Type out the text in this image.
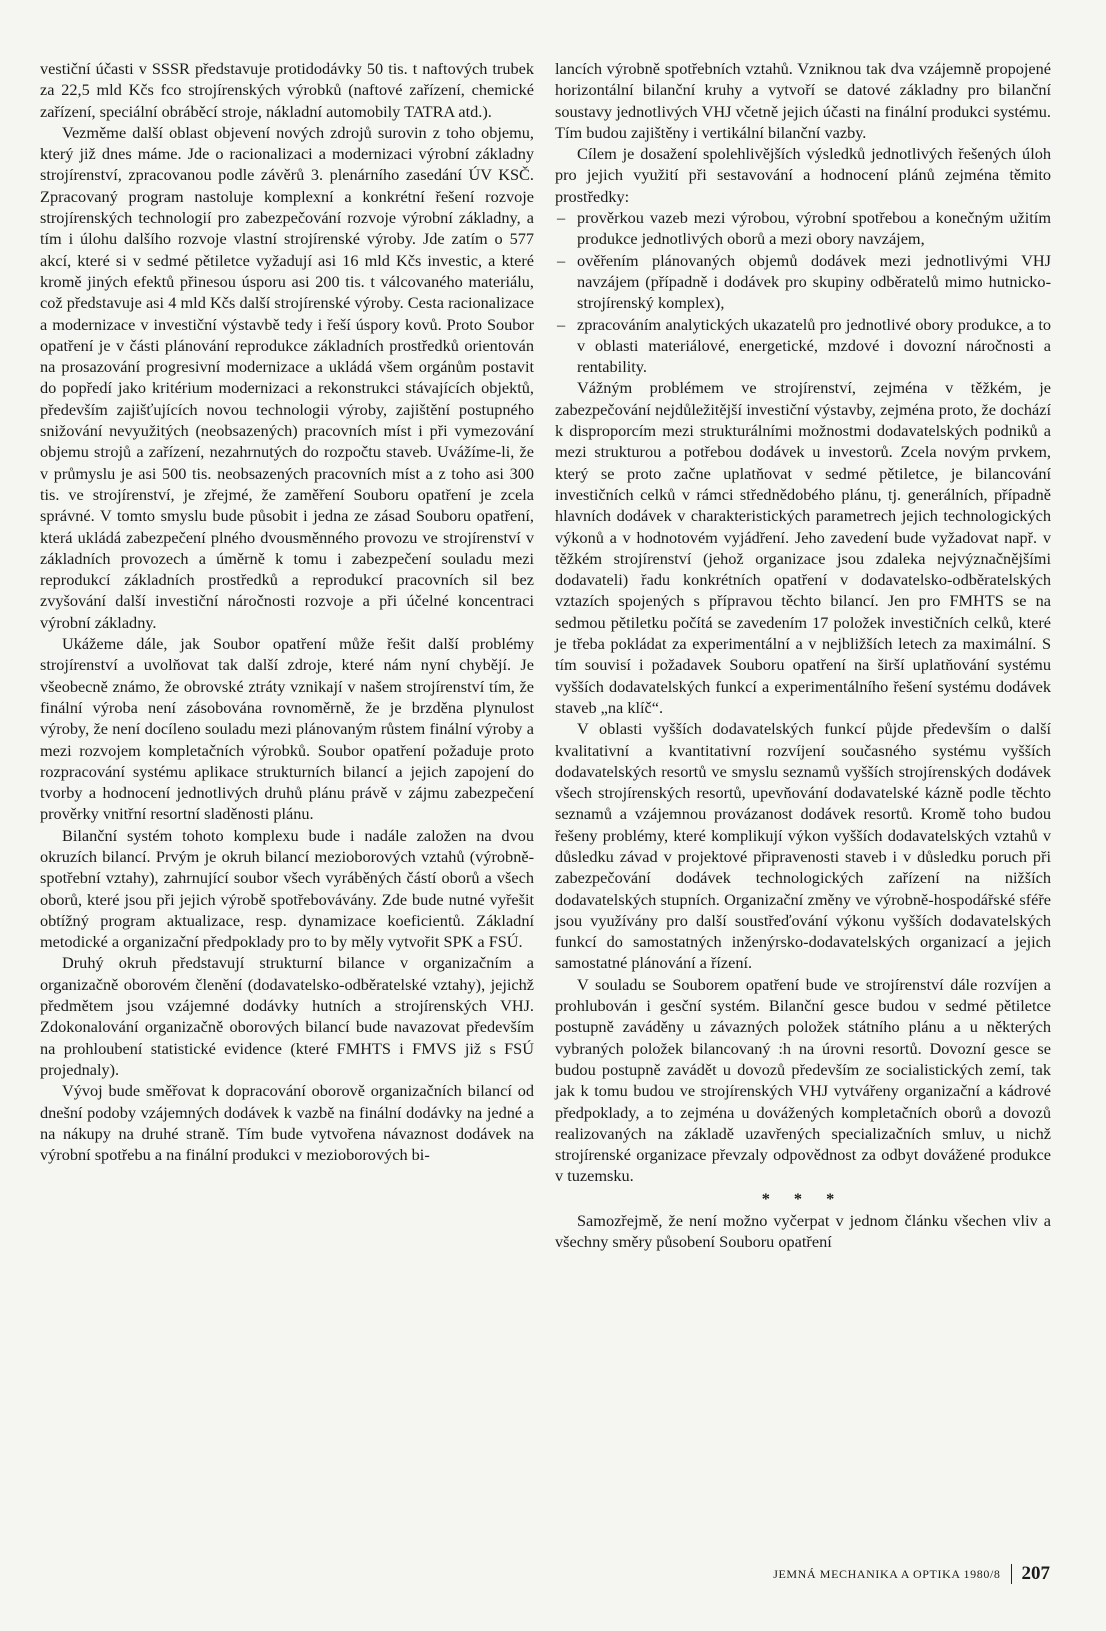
vestiční účasti v SSSR představuje protidodávky 50 tis. t naftových trubek za 22,5 mld Kčs fco strojírenských výrobků (naftové zařízení, chemické zařízení, speciální obráběcí stroje, nákladní automobily TATRA atd.).

Vezměme další oblast objevení nových zdrojů surovin z toho objemu, který již dnes máme. Jde o racionalizaci a modernizaci výrobní základny strojírenství, zpracovanou podle závěrů 3. plenárního zasedání ÚV KSČ. Zpracovaný program nastoluje komplexní a konkrétní řešení rozvoje strojírenských technologií pro zabezpečování rozvoje výrobní základny, a tím i úlohu dalšího rozvoje vlastní strojírenské výroby. Jde zatím o 577 akcí, které si v sedmé pětiletce vyžadují asi 16 mld Kčs investic, a které kromě jiných efektů přinesou úsporu asi 200 tis. t válcovaného materiálu, což představuje asi 4 mld Kčs další strojírenské výroby. Cesta racionalizace a modernizace v investiční výstavbě tedy i řeší úspory kovů. Proto Soubor opatření je v části plánování reprodukce základních prostředků orientován na prosazování progresivní modernizace a ukládá všem orgánům postavit do popředí jako kritérium modernizaci a rekonstrukci stávajících objektů, především zajišťujících novou technologii výroby, zajištění postupného snižování nevyužitých (neobsazených) pracovních míst i při vymezování objemu strojů a zařízení, nezahrnutých do rozpočtu staveb. Uvážíme-li, že v průmyslu je asi 500 tis. neobsazených pracovních míst a z toho asi 300 tis. ve strojírenství, je zřejmé, že zaměření Souboru opatření je zcela správné. V tomto smyslu bude působit i jedna ze zásad Souboru opatření, která ukládá zabezpečení plného dvousměnného provozu ve strojírenství v základních provozech a úměrně k tomu i zabezpečení souladu mezi reprodukcí základních prostředků a reprodukcí pracovních sil bez zvyšování další investiční náročnosti rozvoje a při účelné koncentraci výrobní základny.

Ukážeme dále, jak Soubor opatření může řešit další problémy strojírenství a uvolňovat tak další zdroje, které nám nyní chybějí. Je všeobecně známo, že obrovské ztráty vznikají v našem strojírenství tím, že finální výroba není zásobována rovnoměrně, že je brzděna plynulost výroby, že není docíleno souladu mezi plánovaným růstem finální výroby a mezi rozvojem kompletačních výrobků. Soubor opatření požaduje proto rozpracování systému aplikace strukturních bilancí a jejich zapojení do tvorby a hodnocení jednotlivých druhů plánu právě v zájmu zabezpečení prověrky vnitřní resortní sladěnosti plánu.

Bilanční systém tohoto komplexu bude i nadále založen na dvou okruzích bilancí. Prvým je okruh bilancí mezioborových vztahů (výrobně-spotřební vztahy), zahrnující soubor všech vyráběných částí oborů a všech oborů, které jsou při jejich výrobě spotřebovávány. Zde bude nutné vyřešit obtížný program aktualizace, resp. dynamizace koeficientů. Základní metodické a organizační předpoklady pro to by měly vytvořit SPK a FSÚ.

Druhý okruh představují strukturní bilance v organizačním a organizačně oborovém členění (dodavatelsko-odběratelské vztahy), jejichž předmětem jsou vzájemné dodávky hutních a strojírenských VHJ. Zdokonalování organizačně oborových bilancí bude navazovat především na prohloubení statistické evidence (které FMHTS i FMVS již s FSÚ projednaly).

Vývoj bude směřovat k dopracování oborově organizačních bilancí od dnešní podoby vzájemných dodávek k vazbě na finální dodávky na jedné a na nákupy na druhé straně. Tím bude vytvořena návaznost dodávek na výrobní spotřebu a na finální produkci v mezioborových bi-

lancích výrobně spotřebních vztahů. Vzniknou tak dva vzájemně propojené horizontální bilanční kruhy a vytvoří se datové základny pro bilanční soustavy jednotlivých VHJ včetně jejich účasti na finální produkci systému. Tím budou zajištěny i vertikální bilanční vazby.

Cílem je dosažení spolehlivějších výsledků jednotlivých řešených úloh pro jejich využití při sestavování a hodnocení plánů zejména těmito prostředky:

– prověrkou vazeb mezi výrobou, výrobní spotřebou a konečným užitím produkce jednotlivých oborů a mezi obory navzájem,
– ověřením plánovaných objemů dodávek mezi jednotlivými VHJ navzájem (případně i dodávek pro skupiny odběratelů mimo hutnicko-strojírenský komplex),
– zpracováním analytických ukazatelů pro jednotlivé obory produkce, a to v oblasti materiálové, energetické, mzdové i dovozní náročnosti a rentability.

Vážným problémem ve strojírenství, zejména v těžkém, je zabezpečování nejdůležitější investiční výstavby, zejména proto, že dochází k disproporcím mezi strukturálními možnostmi dodavatelských podniků a mezi strukturou a potřebou dodávek u investorů. Zcela novým prvkem, který se proto začne uplatňovat v sedmé pětiletce, je bilancování investičních celků v rámci střednědobého plánu, tj. generálních, případně hlavních dodávek v charakteristických parametrech jejich technologických výkonů a v hodnotovém vyjádření. Jeho zavedení bude vyžadovat např. v těžkém strojírenství (jehož organizace jsou zdaleka nejvýznačnějšími dodavateli) řadu konkrétních opatření v dodavatelsko-odběratelských vztazích spojených s přípravou těchto bilancí. Jen pro FMHTS se na sedmou pětiletku počítá se zavedením 17 položek investičních celků, které je třeba pokládat za experimentální a v nejbližších letech za maximální. S tím souvisí i požadavek Souboru opatření na širší uplatňování systému vyšších dodavatelských funkcí a experimentálního řešení systému dodávek staveb „na klíč“.

V oblasti vyšších dodavatelských funkcí půjde především o další kvalitativní a kvantitativní rozvíjení současného systému vyšších dodavatelských resortů ve smyslu seznamů vyšších strojírenských dodávek všech strojírenských resortů, upevňování dodavatelské kázně podle těchto seznamů a vzájemnou provázanost dodávek resortů. Kromě toho budou řešeny problémy, které komplikují výkon vyšších dodavatelských vztahů v důsledku závad v projektové připravenosti staveb i v důsledku poruch při zabezpečování dodávek technologických zařízení na nižších dodavatelských stupních. Organizační změny ve výrobně-hospodářské sféře jsou využívány pro další soustřeďování výkonu vyšších dodavatelských funkcí do samostatných inženýrsko-dodavatelských organizací a jejich samostatné plánování a řízení.

V souladu se Souborem opatření bude ve strojírenství dále rozvíjen a prohlubován i gesční systém. Bilanční gesce budou v sedmé pětiletce postupně zaváděny u závazných položek státního plánu a u některých vybraných položek bilancovaný :h na úrovni resortů. Dovozní gesce se budou postupně zavádět u dovozů především ze socialistických zemí, tak jak k tomu budou ve strojírenských VHJ vytvářeny organizační a kádrové předpoklady, a to zejména u dovážených kompletačních oborů a dovozů realizovaných na základě uzavřených specializačních smluv, u nichž strojírenské organizace převzaly odpovědnost za odbyt dovážené produkce v tuzemsku.

* * *

Samozřejmě, že není možno vyčerpat v jednom článku všechen vliv a všechny směry působení Souboru opatření

JEMNÁ MECHANIKA A OPTIKA 1980/8 207
